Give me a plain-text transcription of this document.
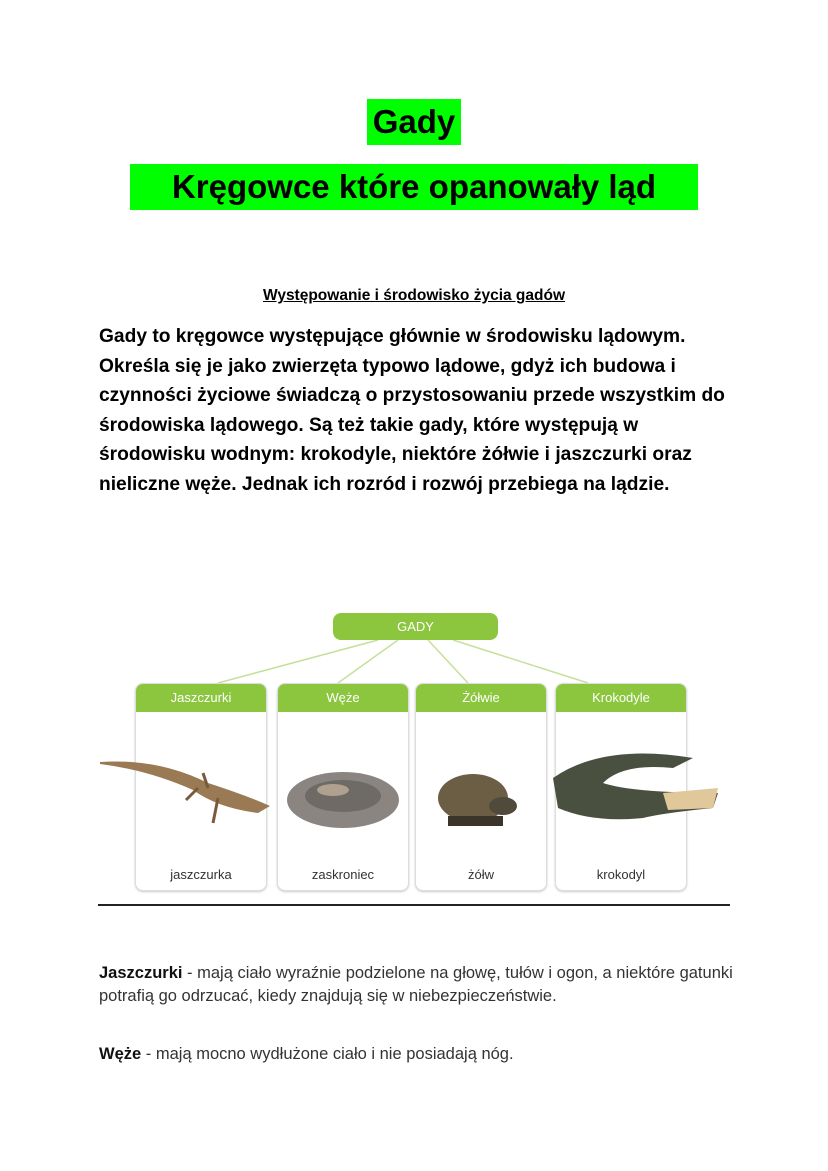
Gady
Kręgowce które opanowały ląd
Występowanie i środowisko życia gadów
Gady to kręgowce występujące głównie w środowisku lądowym. Określa się je jako zwierzęta typowo lądowe, gdyż ich budowa i czynności życiowe świadczą o przystosowaniu przede wszystkim do środowiska lądowego. Są też takie gady, które występują w środowisku wodnym: krokodyle, niektóre żółwie i jaszczurki oraz nieliczne węże. Jednak ich rozród i rozwój przebiega na lądzie.
GADY
Jaszczurki
jaszczurka
Węże
zaskroniec
Żółwie
żółw
Krokodyle
krokodyl
Jaszczurki - mają ciało wyraźnie podzielone na głowę, tułów i ogon, a niektóre gatunki potrafią go odrzucać, kiedy znajdują się w niebezpieczeństwie.
Węże - mają mocno wydłużone ciało i nie posiadają nóg.
